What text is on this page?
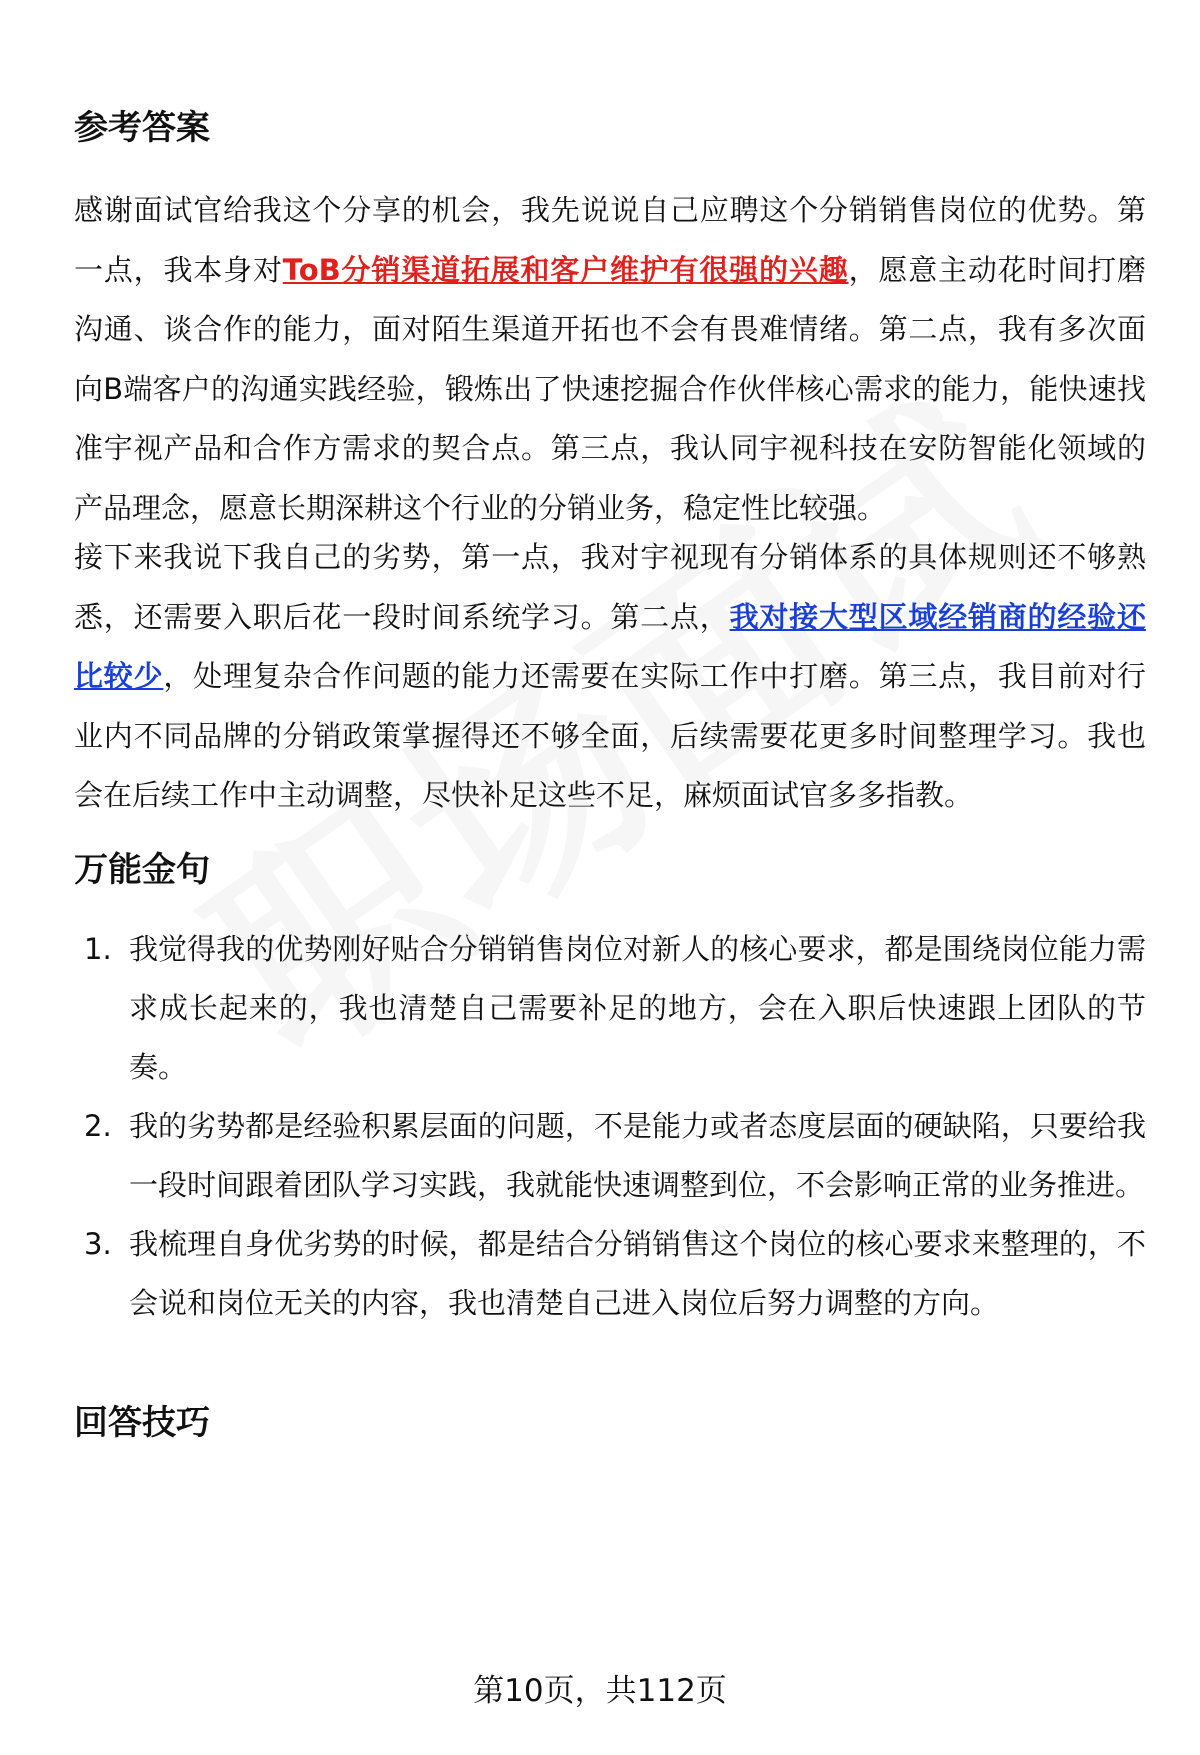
参考答案

感谢面试官给我这个分享的机会，我先说说自己应聘这个分销销售岗位的优势。第一点，我本身对ToB分销渠道拓展和客户维护有很强的兴趣，愿意主动花时间打磨沟通、谈合作的能力，面对陌生渠道开拓也不会有畏难情绪。第二点，我有多次面向B端客户的沟通实践经验，锻炼出了快速挖掘合作伙伴核心需求的能力，能快速找准宇视产品和合作方需求的契合点。第三点，我认同宇视科技在安防智能化领域的产品理念，愿意长期深耕这个行业的分销业务，稳定性比较强。

接下来我说下我自己的劣势，第一点，我对宇视现有分销体系的具体规则还不够熟悉，还需要入职后花一段时间系统学习。第二点，我对接大型区域经销商的经验还比较少，处理复杂合作问题的能力还需要在实际工作中打磨。第三点，我目前对行业内不同品牌的分销政策掌握得还不够全面，后续需要花更多时间整理学习。我也会在后续工作中主动调整，尽快补足这些不足，麻烦面试官多多指教。

万能金句
1. 我觉得我的优势刚好贴合分销销售岗位对新人的核心要求，都是围绕岗位能力需求成长起来的，我也清楚自己需要补足的地方，会在入职后快速跟上团队的节奏。
2. 我的劣势都是经验积累层面的问题，不是能力或者态度层面的硬缺陷，只要给我一段时间跟着团队学习实践，我就能快速调整到位，不会影响正常的业务推进。
3. 我梳理自身优劣势的时候，都是结合分销销售这个岗位的核心要求来整理的，不会说和岗位无关的内容，我也清楚自己进入岗位后努力调整的方向。
回答技巧
第10页，共112页
